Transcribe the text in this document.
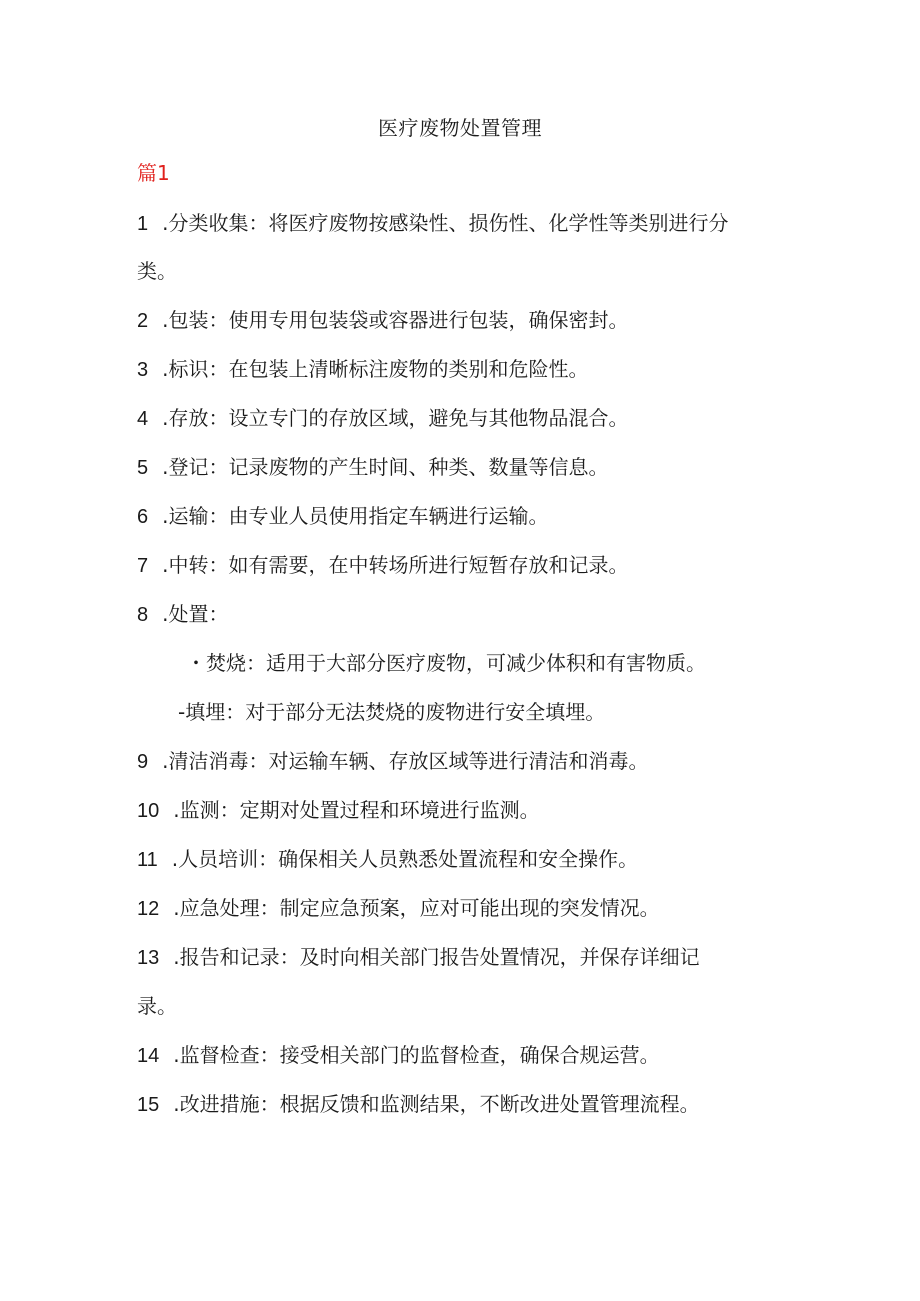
医疗废物处置管理
篇1
1 .分类收集：将医疗废物按感染性、损伤性、化学性等类别进行分
类。
2 .包装：使用专用包装袋或容器进行包装，确保密封。
3 .标识：在包装上清晰标注废物的类别和危险性。
4 .存放：设立专门的存放区域，避免与其他物品混合。
5 .登记：记录废物的产生时间、种类、数量等信息。
6 .运输：由专业人员使用指定车辆进行运输。
7 .中转：如有需要，在中转场所进行短暂存放和记录。
8 .处置：
・焚烧：适用于大部分医疗废物，可减少体积和有害物质。
-填埋：对于部分无法焚烧的废物进行安全填埋。
9 .清洁消毒：对运输车辆、存放区域等进行清洁和消毒。
10 .监测：定期对处置过程和环境进行监测。
11 .人员培训：确保相关人员熟悉处置流程和安全操作。
12 .应急处理：制定应急预案，应对可能出现的突发情况。
13 .报告和记录：及时向相关部门报告处置情况，并保存详细记
录。
14 .监督检查：接受相关部门的监督检查，确保合规运营。
15 .改进措施：根据反馈和监测结果，不断改进处置管理流程。
